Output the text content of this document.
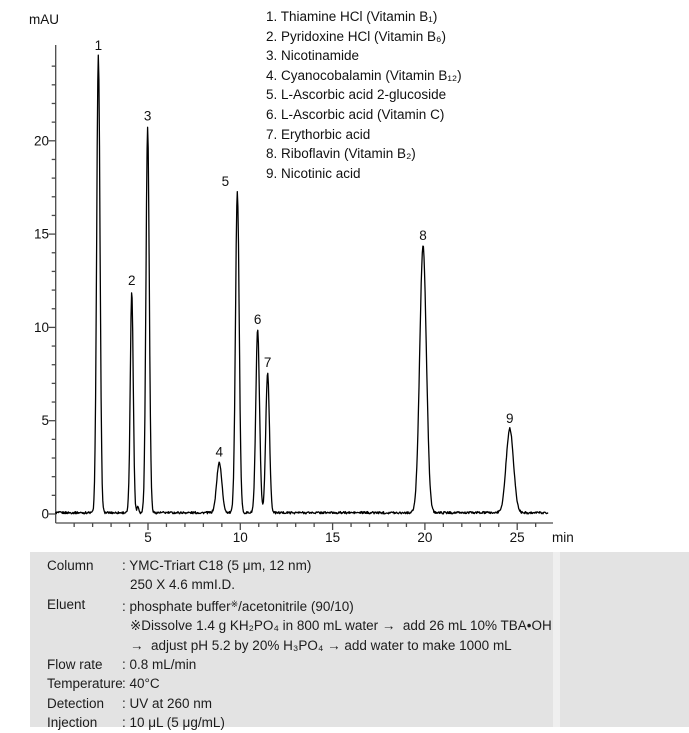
5	10	15	20	25
0
5
10
15
20
mAU
min
1
2
3
4
5
6
7
8
9
1. Thiamine HCl (Vitamin B₁)
2. Pyridoxine HCl (Vitamin B₆)
3. Nicotinamide
4. Cyanocobalamin (Vitamin B₁₂)
5. L-Ascorbic acid 2-glucoside
6. L-Ascorbic acid (Vitamin C)
7. Erythorbic acid
8. Riboflavin (Vitamin B₂)
9. Nicotinic acid
Column	: YMC-Triart C18 (5 μm, 12 nm)
250 X 4.6 mmI.D.
Eluent	: phosphate buffer※/acetonitrile (90/10)
※Dissolve 1.4 g KH₂PO₄ in 800 mL water →  add 26 mL 10% TBA•OH
→  adjust pH 5.2 by 20% H₃PO₄ → add water to make 1000 mL
Flow rate	: 0.8 mL/min
Temperature : 40°C
Detection	: UV at 260 nm
Injection	: 10 μL (5 μg/mL)
